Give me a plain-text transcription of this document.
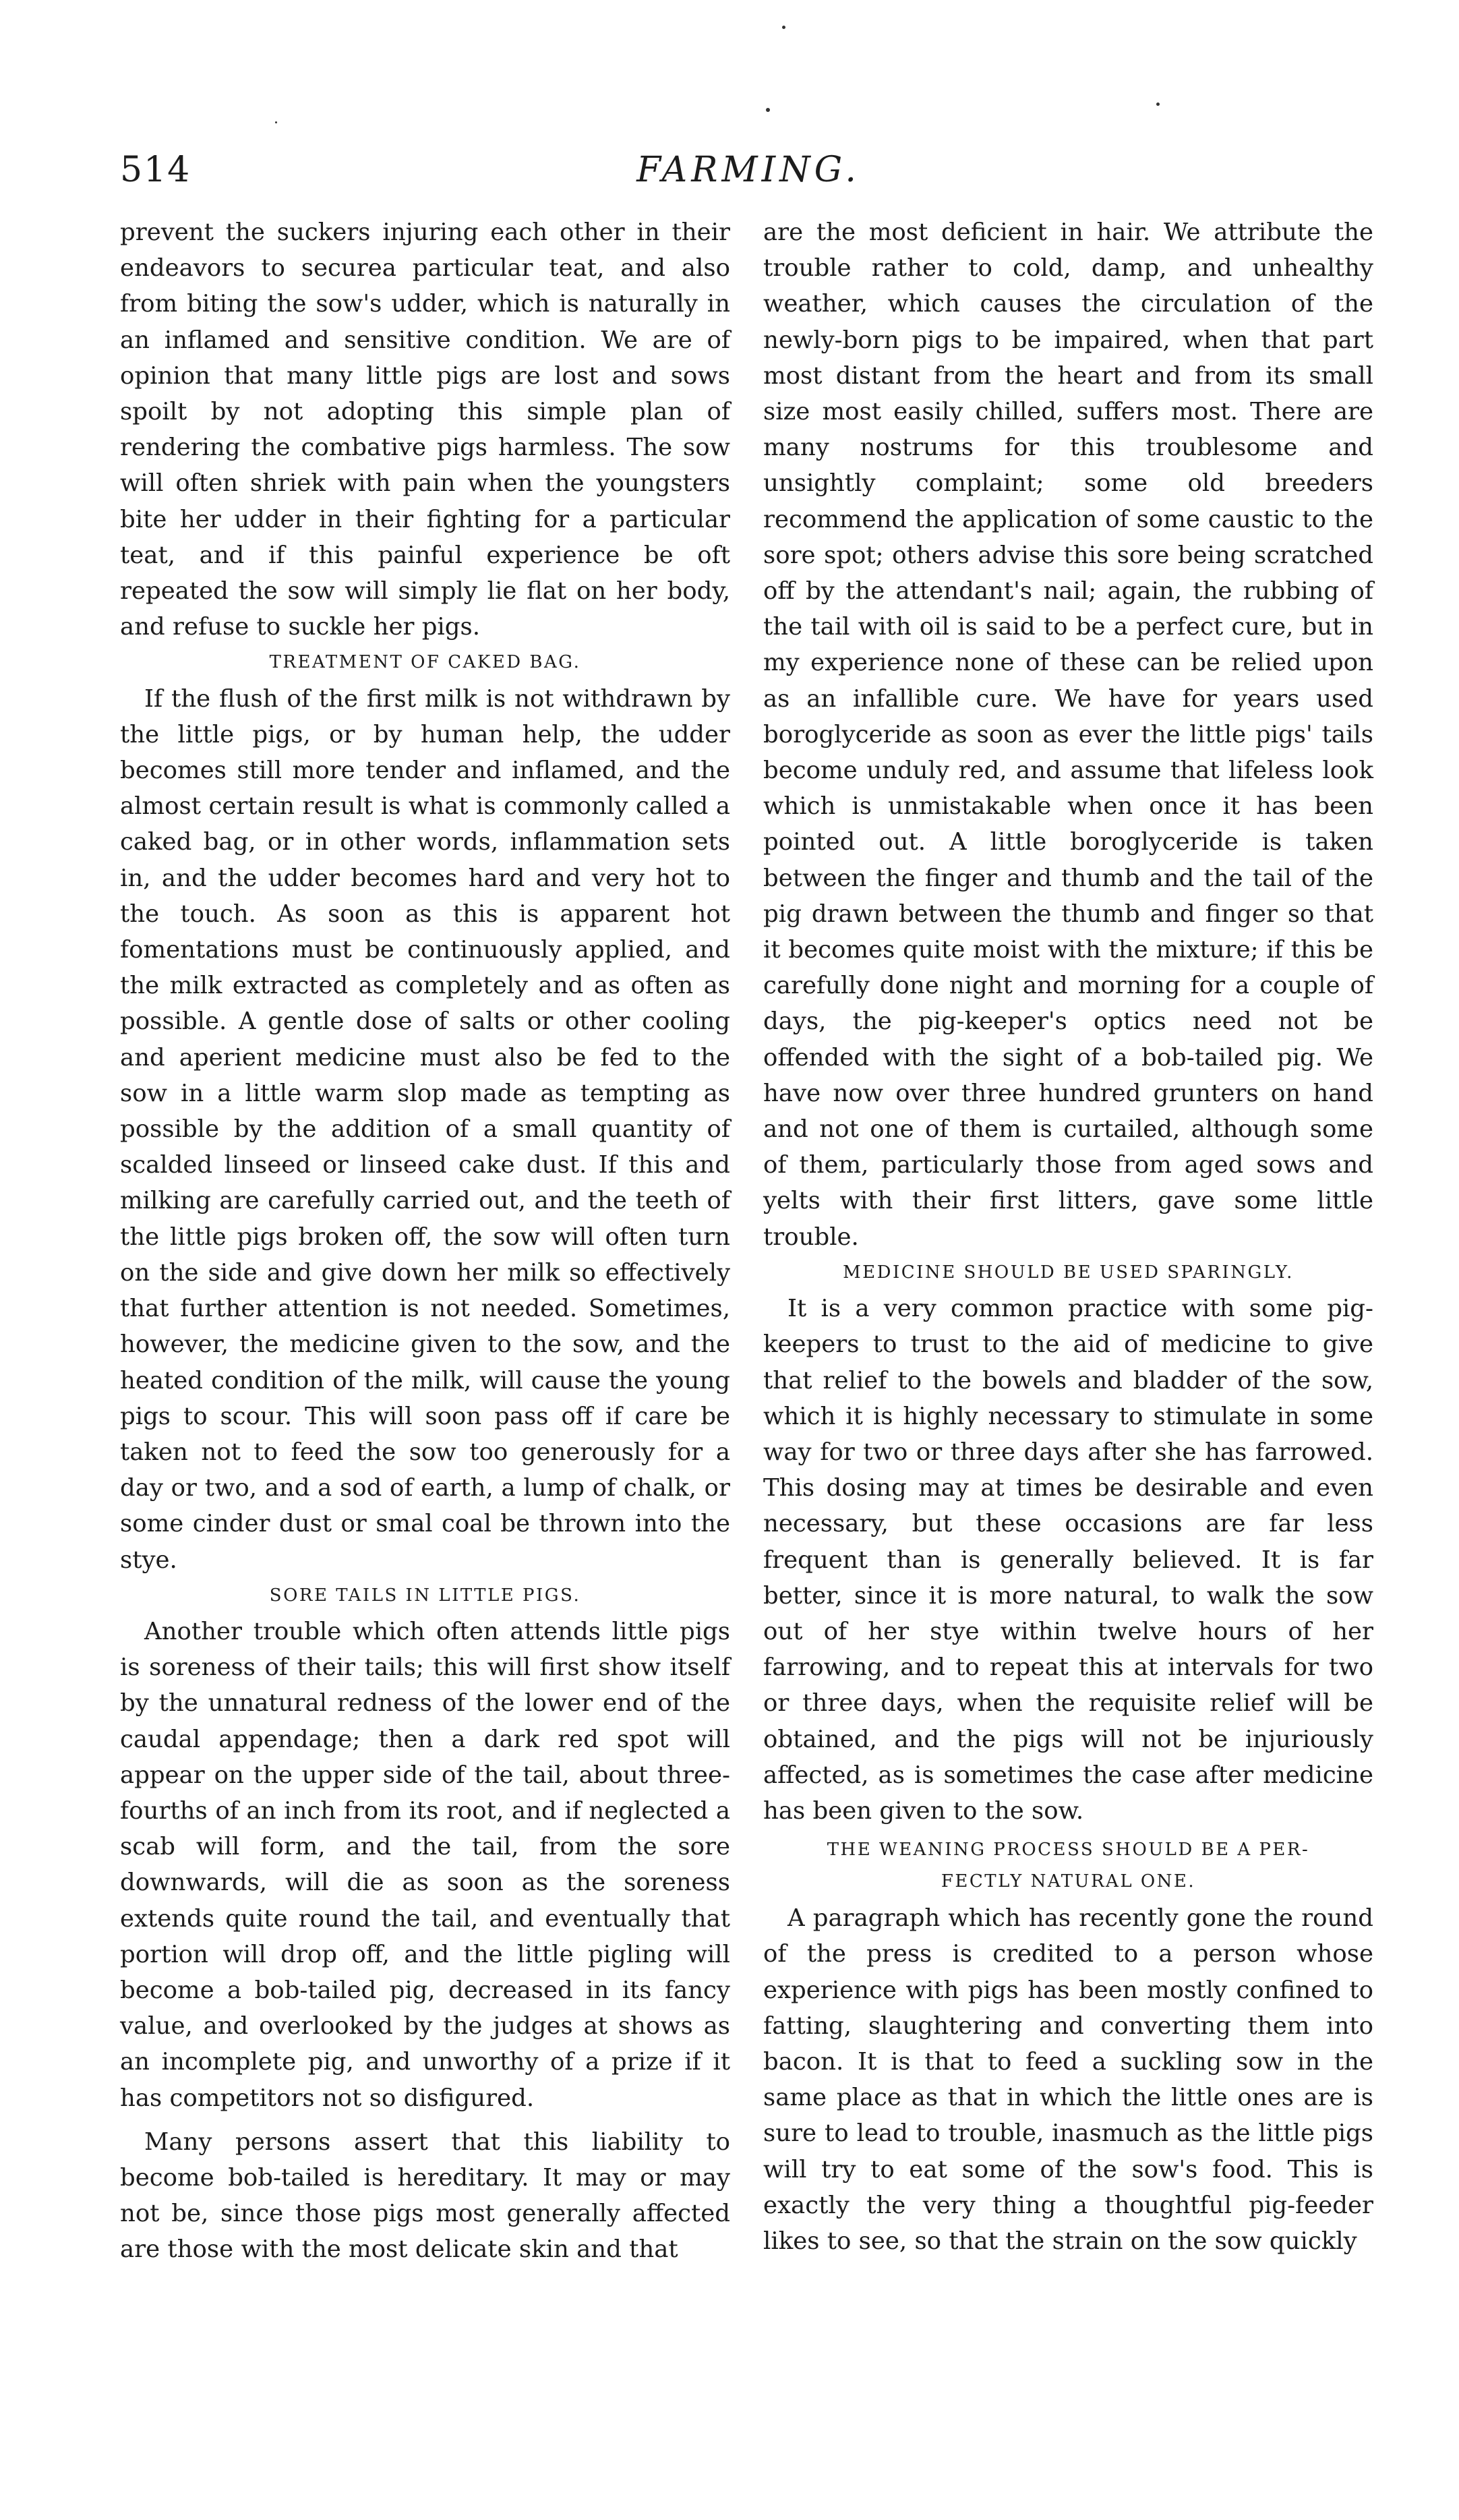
514	FARMING.

prevent the suckers injuring each other in their endeavors to securea particular teat, and also from biting the sow's udder, which is naturally in an inflamed and sensitive condition. We are of opinion that many little pigs are lost and sows spoilt by not adopting this simple plan of rendering the combative pigs harmless. The sow will often shriek with pain when the youngsters bite her udder in their fighting for a particular teat, and if this painful experience be oft repeated the sow will simply lie flat on her body, and refuse to suckle her pigs.

TREATMENT OF CAKED BAG.

If the flush of the first milk is not withdrawn by the little pigs, or by human help, the udder becomes still more tender and inflamed, and the almost certain result is what is commonly called a caked bag, or in other words, inflammation sets in, and the udder becomes hard and very hot to the touch. As soon as this is apparent hot fomentations must be continuously applied, and the milk extracted as completely and as often as possible. A gentle dose of salts or other cooling and aperient medicine must also be fed to the sow in a little warm slop made as tempting as possible by the addition of a small quantity of scalded linseed or linseed cake dust. If this and milking are carefully carried out, and the teeth of the little pigs broken off, the sow will often turn on the side and give down her milk so effectively that further attention is not needed. Sometimes, however, the medicine given to the sow, and the heated condition of the milk, will cause the young pigs to scour. This will soon pass off if care be taken not to feed the sow too generously for a day or two, and a sod of earth, a lump of chalk, or some cinder dust or smal coal be thrown into the stye.

SORE TAILS IN LITTLE PIGS.

Another trouble which often attends little pigs is soreness of their tails; this will first show itself by the unnatural redness of the lower end of the caudal appendage; then a dark red spot will appear on the upper side of the tail, about three-fourths of an inch from its root, and if neglected a scab will form, and the tail, from the sore downwards, will die as soon as the soreness extends quite round the tail, and eventually that portion will drop off, and the little pigling will become a bob-tailed pig, decreased in its fancy value, and overlooked by the judges at shows as an incomplete pig, and unworthy of a prize if it has competitors not so disfigured.

Many persons assert that this liability to become bob-tailed is hereditary. It may or may not be, since those pigs most generally affected are those with the most delicate skin and that

are the most deficient in hair. We attribute the trouble rather to cold, damp, and unhealthy weather, which causes the circulation of the newly-born pigs to be impaired, when that part most distant from the heart and from its small size most easily chilled, suffers most. There are many nostrums for this troublesome and unsightly complaint; some old breeders recommend the application of some caustic to the sore spot; others advise this sore being scratched off by the attendant's nail; again, the rubbing of the tail with oil is said to be a perfect cure, but in my experience none of these can be relied upon as an infallible cure. We have for years used boroglyceride as soon as ever the little pigs' tails become unduly red, and assume that lifeless look which is unmistakable when once it has been pointed out. A little boroglyceride is taken between the finger and thumb and the tail of the pig drawn between the thumb and finger so that it becomes quite moist with the mixture; if this be carefully done night and morning for a couple of days, the pig-keeper's optics need not be offended with the sight of a bob-tailed pig. We have now over three hundred grunters on hand and not one of them is curtailed, although some of them, particularly those from aged sows and yelts with their first litters, gave some little trouble.

MEDICINE SHOULD BE USED SPARINGLY.

It is a very common practice with some pig-keepers to trust to the aid of medicine to give that relief to the bowels and bladder of the sow, which it is highly necessary to stimulate in some way for two or three days after she has farrowed. This dosing may at times be desirable and even necessary, but these occasions are far less frequent than is generally believed. It is far better, since it is more natural, to walk the sow out of her stye within twelve hours of her farrowing, and to repeat this at intervals for two or three days, when the requisite relief will be obtained, and the pigs will not be injuriously affected, as is sometimes the case after medicine has been given to the sow.

THE WEANING PROCESS SHOULD BE A PER-
FECTLY NATURAL ONE.

A paragraph which has recently gone the round of the press is credited to a person whose experience with pigs has been mostly confined to fatting, slaughtering and converting them into bacon. It is that to feed a suckling sow in the same place as that in which the little ones are is sure to lead to trouble, inasmuch as the little pigs will try to eat some of the sow's food. This is exactly the very thing a thoughtful pig-feeder likes to see, so that the strain on the sow quickly
